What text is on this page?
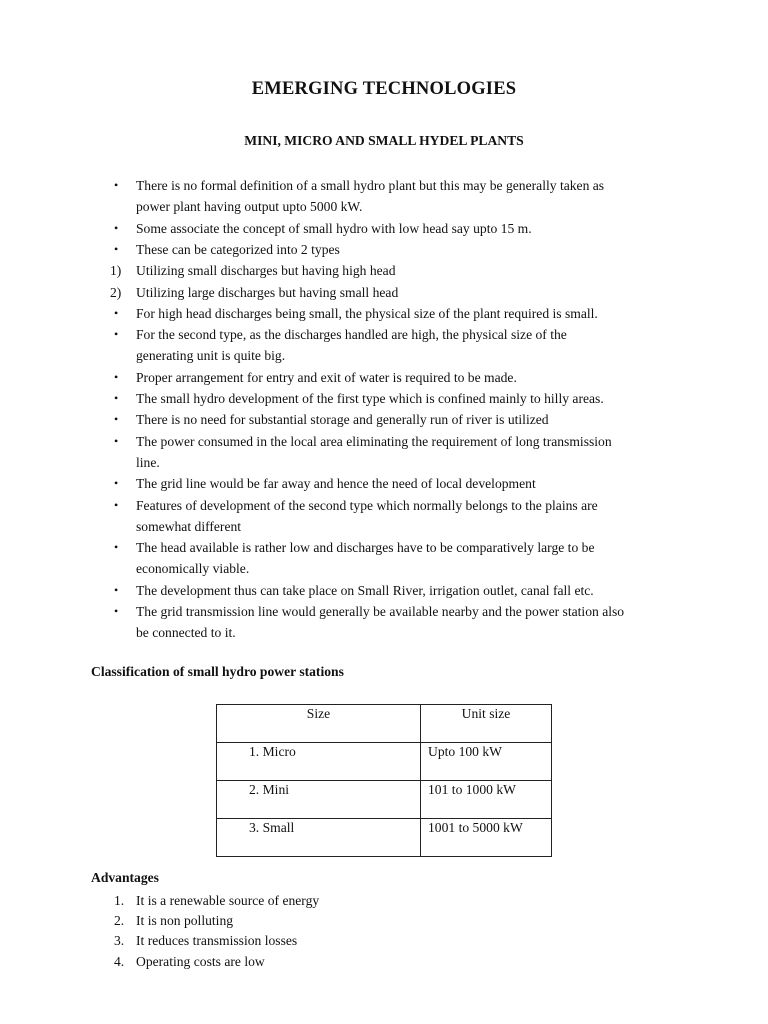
EMERGING TECHNOLOGIES
MINI, MICRO AND SMALL HYDEL PLANTS
•	There is no formal definition of a small hydro plant but this may be generally taken as
power plant having output upto 5000 kW.
•	Some associate the concept of small hydro with low head say upto 15 m.
•	These can be categorized into 2 types
1)	Utilizing small discharges but having high head
2)	Utilizing large discharges but having small head
•	For high head discharges being small, the physical size of the plant required is small.
•	For the second type, as the discharges handled are high, the physical size of the
generating unit is quite big.
•	Proper arrangement for entry and exit of water is required to be made.
•	The small hydro development of the first type which is confined mainly to hilly areas.
•	There is no need for substantial storage and generally run of river is utilized
•	The power consumed in the local area eliminating the requirement of long transmission
line.
•	The grid line would be far away and hence the need of local development
•	Features of development of the second type which normally belongs to the plains are
somewhat different
•	The head available is rather low and discharges have to be comparatively large to be
economically viable.
•	The development thus can take place on Small River, irrigation outlet, canal fall etc.
•	The grid transmission line would generally be available nearby and the power station also
be connected to it.
Classification of small hydro power stations
Size	Unit size
1. Micro	Upto 100 kW
2. Mini	101 to 1000 kW
3. Small	1001 to 5000 kW
Advantages
1. It is a renewable source of energy
2. It is non polluting
3. It reduces transmission losses
4. Operating costs are low
